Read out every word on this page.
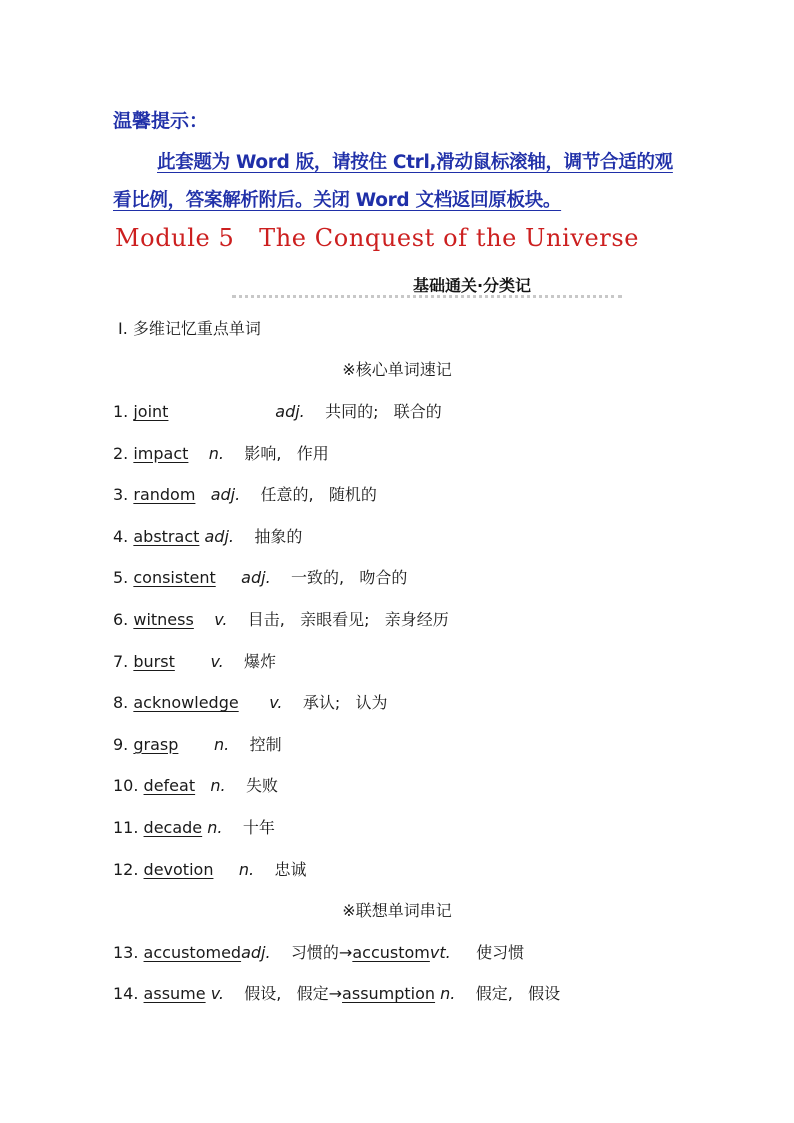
温馨提示：
此套题为 Word 版，请按住 Ctrl,滑动鼠标滚轴，调节合适的观看比例，答案解析附后。关闭 Word 文档返回原板块。
Module 5   The Conquest of the Universe
基础通关·分类记
Ⅰ. 多维记忆重点单词
※核心单词速记
1. joint	adj. 共同的;   联合的
2. impact n. 影响,   作用
3. random adj. 任意的,   随机的
4. abstract adj. 抽象的
5. consistent adj. 一致的,   吻合的
6. witness v. 目击,   亲眼看见;   亲身经历
7. burst v. 爆炸
8. acknowledge v. 承认;   认为
9. grasp n. 控制
10. defeat n. 失败
11. decade n. 十年
12. devotion n. 忠诚
※联想单词串记
13. accustomedadj. 习惯的→accustomvt. 使习惯
14. assume v. 假设,   假定→assumption n. 假定,   假设
